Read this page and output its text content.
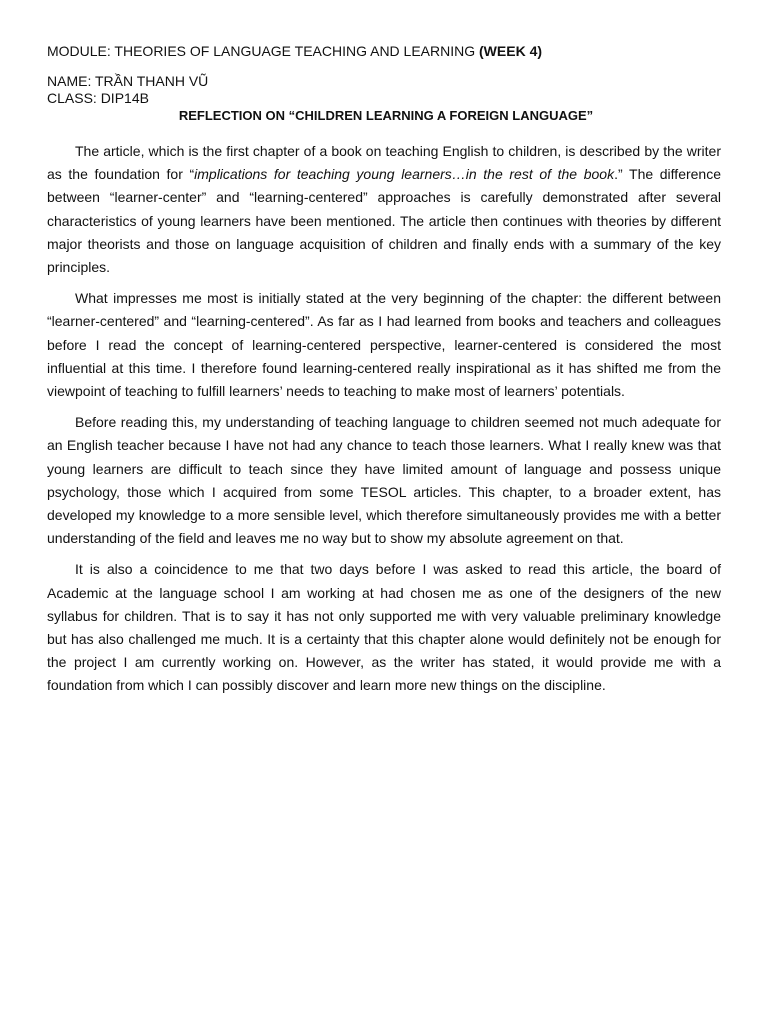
MODULE: THEORIES OF LANGUAGE TEACHING AND LEARNING (WEEK 4)

NAME: TRẦN THANH VŨ

CLASS: DIP14B

REFLECTION ON “CHILDREN LEARNING A FOREIGN LANGUAGE”

The article, which is the first chapter of a book on teaching English to children, is described by the writer as the foundation for “implications for teaching young learners…in the rest of the book.” The difference between “learner-center” and “learning-centered” approaches is carefully demonstrated after several characteristics of young learners have been mentioned. The article then continues with theories by different major theorists and those on language acquisition of children and finally ends with a summary of the key principles.

What impresses me most is initially stated at the very beginning of the chapter: the different between “learner-centered” and “learning-centered”. As far as I had learned from books and teachers and colleagues before I read the concept of learning-centered perspective, learner-centered is considered the most influential at this time. I therefore found learning-centered really inspirational as it has shifted me from the viewpoint of teaching to fulfill learners’ needs to teaching to make most of learners’ potentials.

Before reading this, my understanding of teaching language to children seemed not much adequate for an English teacher because I have not had any chance to teach those learners. What I really knew was that young learners are difficult to teach since they have limited amount of language and possess unique psychology, those which I acquired from some TESOL articles. This chapter, to a broader extent, has developed my knowledge to a more sensible level, which therefore simultaneously provides me with a better understanding of the field and leaves me no way but to show my absolute agreement on that.

It is also a coincidence to me that two days before I was asked to read this article, the board of Academic at the language school I am working at had chosen me as one of the designers of the new syllabus for children. That is to say it has not only supported me with very valuable preliminary knowledge but has also challenged me much. It is a certainty that this chapter alone would definitely not be enough for the project I am currently working on. However, as the writer has stated, it would provide me with a foundation from which I can possibly discover and learn more new things on the discipline.
